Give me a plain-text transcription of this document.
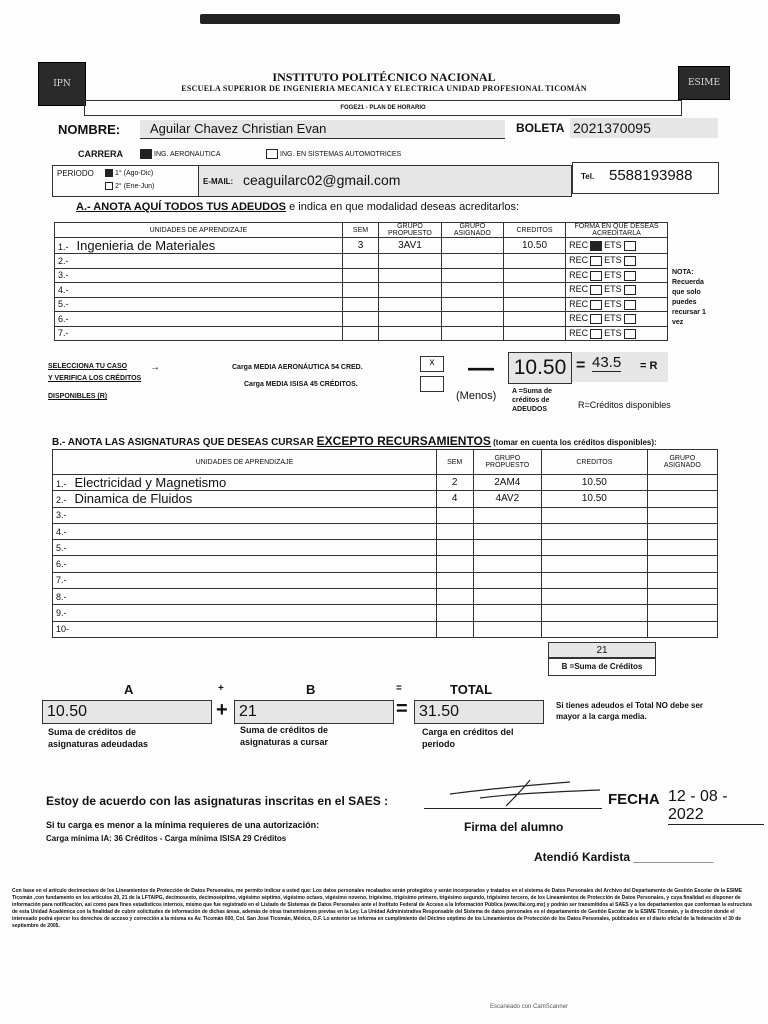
IPN	ESIME
INSTITUTO POLITÉCNICO NACIONAL
ESCUELA SUPERIOR DE INGENIERIA MECANICA Y ELECTRICA UNIDAD PROFESIONAL TICOMÁN
FOGE21 - PLAN DE HORARIO
NOMBRE:	Aguilar Chavez Christian Evan	BOLETA 2021370095
CARRERA	ING. AERONAUTICA	ING. EN SISTEMAS AUTOMOTRICES
PERIODO	1° (Ago-Dic)
2° (Ene-Jun)
E-MAIL: ceaguilarc02@gmail.com	Tel. 5588193988
A.- ANOTA AQUÍ TODOS TUS ADEUDOS e indica en que modalidad deseas acreditarlos:
UNIDADES DE APRENDIZAJE	SEM	GRUPO PROPUESTO	GRUPO ASIGNADO	CREDITOS	FORMA EN QUE DESEAS ACREDITARLA
1.- Ingenieria de Materiales	3	3AV1		10.50	REC ETS
2.-					REC ETS
3.-					REC ETS
4.-					REC ETS
5.-					REC ETS
6.-					REC ETS
7.-					REC ETS
NOTA: Recuerda que solo puedes recursar 1 vez
SELECCIONA TU CASO
Y VERIFICA LOS CRÉDITOS
DISPONIBLES (R)
→	Carga MEDIA AERONÁUTICA 54 CRED.	x
Carga MEDIA ISISA 45 CRÉDITOS.
—
(Menos)
10.50 = 43.5 = R
A =Suma de créditos de ADEUDOS	R=Créditos disponibles
B.- ANOTA LAS ASIGNATURAS QUE DESEAS CURSAR EXCEPTO RECURSAMIENTOS (tomar en cuenta los créditos disponibles):
UNIDADES DE APRENDIZAJE	SEM	GRUPO PROPUESTO	CREDITOS	GRUPO ASIGNADO
1.- Electricidad y Magnetismo	2	2AM4	10.50	
2.- Dinamica de Fluidos	4	4AV2	10.50	
3.-				
4.-				
5.-				
6.-				
7.-				
8.-				
9.-				
10-				
21
B =Suma de Créditos
A	+	B	=	TOTAL
10.50	+ 21	= 31.50
Suma de créditos de asignaturas adeudadas
Suma de créditos de asignaturas a cursar
Carga en créditos del periodo
Si tienes adeudos el Total NO debe ser mayor a la carga media.
Estoy de acuerdo con las asignaturas inscritas en el SAES :	FECHA 12 - 08 - 2022
Firma del alumno
Si tu carga es menor a la mínima requieres de una autorización:
Carga mínima IA: 36 Créditos - Carga mínima ISISA 29 Créditos
Atendió Kardista ____________
Con base en el artículo decimoctavo de los Lineamientos de Protección de Datos Personales, me permito indicar a usted que: Los datos personales recabados serán protegidos y serán incorporados y tratados en el sistema de Datos Personales del Archivo del Departamento de Gestión Escolar de la ESIME Ticomán ,con fundamento en los artículos 20, 21 de la LFTAIPG, decimosexto, decimoséptimo, vigésimo séptimo, vigésimo octavo, vigésimo noveno, trigésimo, trigésimo primero, trigésimo segundo, trigésimo tercero, de los Lineamientos de Protección de Datos Personales, y cuya finalidad es disponer de información para notificación, así como para fines estadísticos internos, mismo que fue registrado en el Listado de Sistemas de Datos Personales ante el Instituto Federal de Acceso a la Información Pública (www.ifai.org.mx) y podrán ser transmitidos al SAES y a los departamentos que conforman la estructura de esta Unidad Académica con la finalidad de cubrir solicitudes de información de dichas áreas, además de otras transmisiones previas en la Ley. La Unidad Administrativa Responsable del Sistema de datos personales es el departamento de Gestión Escolar de la ESIME Ticomán, y la dirección donde el interesado podrá ejercer los derechos de acceso y corrección a la misma es Av. Ticomán 600, Col. San José Ticomán, México, D.F. Lo anterior se informa en cumplimiento del Décimo séptimo de los Lineamientos de Protección de los Datos Personales, publicados en el diario oficial de la federación el 30 de septiembre de 2005.
Escaneado con CamScanner
